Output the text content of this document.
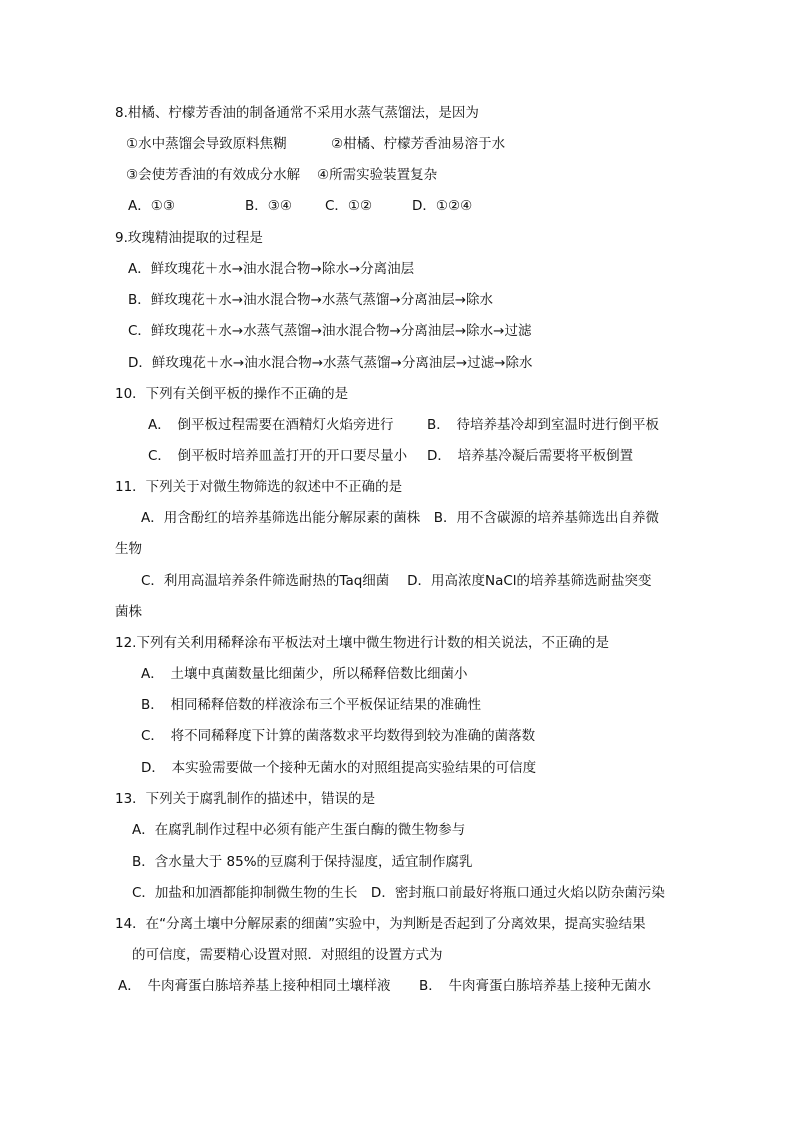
8.柑橘、柠檬芳香油的制备通常不采用水蒸气蒸馏法，是因为
①水中蒸馏会导致原料焦糊	②柑橘、柠檬芳香油易溶于水
③会使芳香油的有效成分水解 ④所需实验装置复杂
A．①③	B．③④ C．①②	D．①②④
9.玫瑰精油提取的过程是
A．鲜玫瑰花＋水→油水混合物→除水→分离油层
B．鲜玫瑰花＋水→油水混合物→水蒸气蒸馏→分离油层→除水
C．鲜玫瑰花＋水→水蒸气蒸馏→油水混合物→分离油层→除水→过滤
D．鲜玫瑰花＋水→油水混合物→水蒸气蒸馏→分离油层→过滤→除水
10．下列有关倒平板的操作不正确的是
A．　倒平板过程需要在酒精灯火焰旁进行 B．　待培养基冷却到室温时进行倒平板
C．　倒平板时培养皿盖打开的开口要尽量小 D．　培养基冷凝后需要将平板倒置
11．下列关于对微生物筛选的叙述中不正确的是
A．用含酚红的培养基筛选出能分解尿素的菌株　B．用不含碳源的培养基筛选出自养微
生物
C．利用高温培养条件筛选耐热的Taq细菌　 D．用高浓度NaCl的培养基筛选耐盐突变
菌株
12.下列有关利用稀释涂布平板法对土壤中微生物进行计数的相关说法，不正确的是
A．　土壤中真菌数量比细菌少，所以稀释倍数比细菌小
B．　相同稀释倍数的样液涂布三个平板保证结果的准确性
C．　将不同稀释度下计算的菌落数求平均数得到较为准确的菌落数
D．　本实验需要做一个接种无菌水的对照组提高实验结果的可信度
13．下列关于腐乳制作的描述中，错误的是
A．在腐乳制作过程中必须有能产生蛋白酶的微生物参与
B．含水量大于 85%的豆腐利于保持湿度，适宜制作腐乳
C．加盐和加酒都能抑制微生物的生长　D．密封瓶口前最好将瓶口通过火焰以防杂菌污染
14．在“分离土壤中分解尿素的细菌”实验中，为判断是否起到了分离效果，提高实验结果
的可信度，需要精心设置对照．对照组的设置方式为
A．　牛肉膏蛋白胨培养基上接种相同土壤样液 B．　牛肉膏蛋白胨培养基上接种无菌水
